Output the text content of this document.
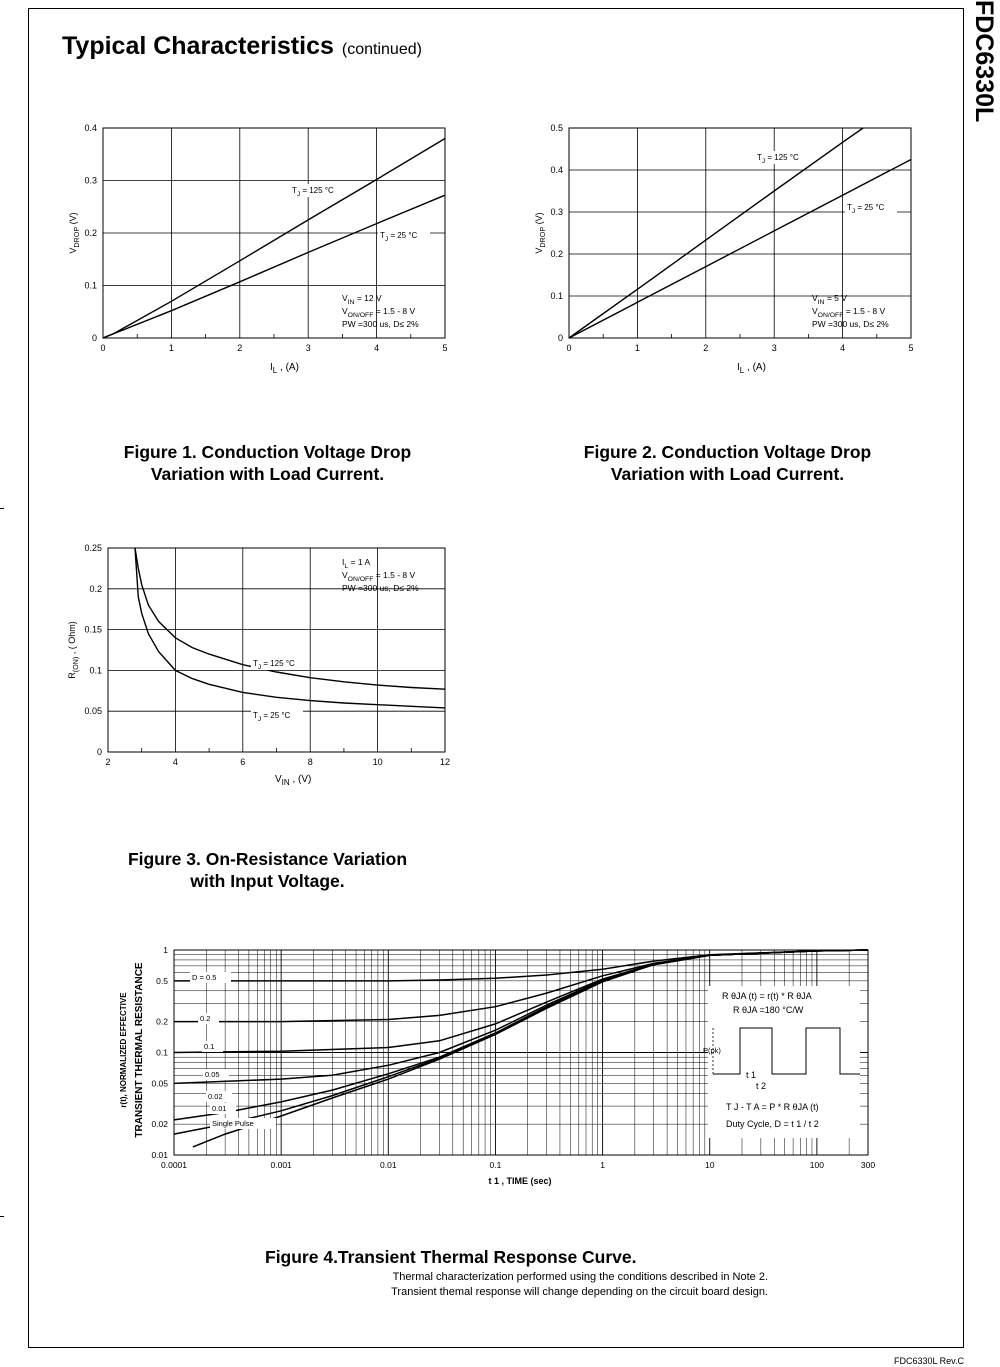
Typical Characteristics (continued)	FDC6330L
0	1	2	3	4	5
0
0.1
0.2
0.3
0.4
$T_J = 125$ °C
$T_J = 25$ °C
$V_{IN} = 12$ V
$V_{ON/OFF} = 1.5 - 8$ V
PW =300 us, D≤ 2%
$I_L$ , (A)
$V_{DROP}$ (V)
0	1	2	3	4	5
0
0.1
0.2
0.3
0.4
0.5
$T_J = 125$ °C
$T_J = 25$ °C
$V_{IN} = 5$ V
$V_{ON/OFF} = 1.5 - 8$ V
PW =300 us, D≤ 2%
$I_L$ , (A)
$V_{DROP}$ (V)
2	4	6	8	10	12
0
0.05
0.1
0.15
0.2
0.25
$T_J = 125$ °C
$T_J = 25$ °C
$I_L = 1$ A
$V_{ON/OFF} = 1.5 - 8$ V
PW =300 us, D≤ 2%
$V_{IN}$ , (V)
$R_{(ON)}$ , ( Ohm)
0.0001	0.001	0.01	0.1	1	10	100	300
0.01
0.02
0.05
0.1
0.2
0.5
1
R θJA (t) = r(t) * R θJA
R θJA =180 °C/W
P(pk)
t 1
t 2
T J - T A = P * R θJA (t)
Duty Cycle, D = t 1 / t 2
D = 0.5
0.2
0.1
0.05
0.02
0.01
Single Pulse
t 1 , TIME (sec)
TRANSIENT THERMAL RESISTANCE
r(t), NORMALIZED EFFECTIVE
Figure 1. Conduction Voltage Drop
Variation with Load Current.
Figure 2. Conduction Voltage Drop
Variation with Load Current.
Figure 3. On-Resistance Variation
with Input Voltage.
Figure 4.Transient Thermal Response Curve.
Thermal characterization performed using the conditions described in Note 2.
Transient themal response will change depending on the circuit board design.
FDC6330L Rev.C
